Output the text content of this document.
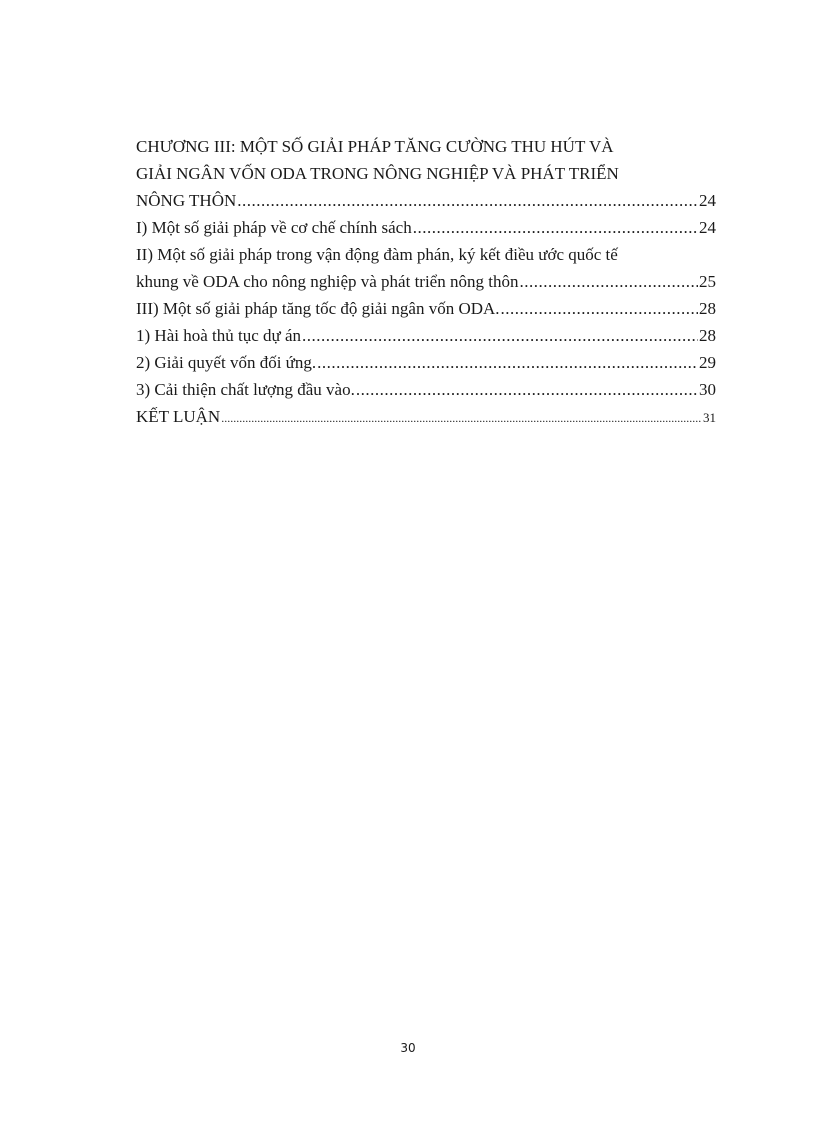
CHƯƠNG III: MỘT SỐ GIẢI PHÁP TĂNG CƯỜNG THU HÚT VÀ
GIẢI NGÂN VỐN ODA TRONG NÔNG NGHIỆP VÀ PHÁT TRIỂN
NÔNG THÔN .....	24
I) Một số giải pháp về cơ chế chính sách .....	24
II) Một số giải pháp trong vận động đàm phán, ký kết điều ước quốc tế
khung về ODA cho nông nghiệp và phát triển nông thôn .....	25
III) Một số giải pháp tăng tốc độ giải ngân vốn ODA. .....	28
1) Hài hoà thủ tục dự án .....	28
2) Giải quyết vốn đối ứng. .....	29
3) Cải thiện chất lượng đầu vào. .....	30
KẾT LUẬN .....	31
30
